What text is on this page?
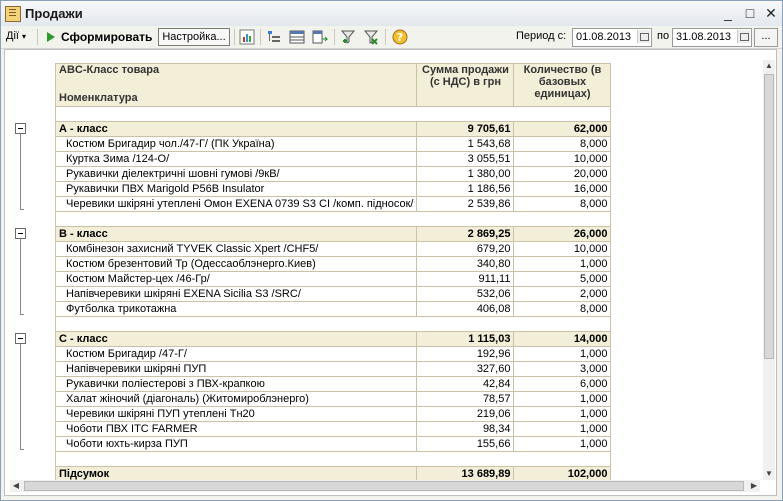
Продажи	_ □ ✕
Дії ▾	Сформировать Настройка...	?	Период с: 01.08.2013 по 31.08.2013	...
ABC-Класс товара	Сумма продажи (с НДС) в грн	Количество (в базовых единицах)
Номенклатура		

А - класс	9 705,61	62,000
Костюм Бригадир чол./47-Г/ (ПК Україна)	1 543,68	8,000
Куртка Зима /124-О/	3 055,51	10,000
Рукавички діелектричні шовні гумові /9кВ/	1 380,00	20,000
Рукавички ПВХ Marigold P56B Insulator	1 186,56	16,000
Черевики шкіряні утеплені Омон EXENA 0739 S3 CI /комп. підносок/	2 539,86	8,000

В - класс	2 869,25	26,000
Комбінезон захисний TYVEK Classic Xpert /CHF5/	679,20	10,000
Костюм брезентовий Тр (Одессаоблэнерго.Киев)	340,80	1,000
Костюм Майстер-цех /46-Гр/	911,11	5,000
Напівчеревики шкіряні EXENA Sicilia S3 /SRC/	532,06	2,000
Футболка трикотажна	406,08	8,000

С - класс	1 115,03	14,000
Костюм Бригадир /47-Г/	192,96	1,000
Напівчеревики шкіряні ПУП	327,60	3,000
Рукавички поліестерові з ПВХ-крапкою	42,84	6,000
Халат жіночий (діагональ) (Житомироблэнерго)	78,57	1,000
Черевики шкіряні ПУП утеплені Тн20	219,06	1,000
Чоботи ПВХ ITC FARMER	98,34	1,000
Чоботи юхть-кирза ПУП	155,66	1,000

Підсумок	13 689,89	102,000
▲
▼
◀	▶
